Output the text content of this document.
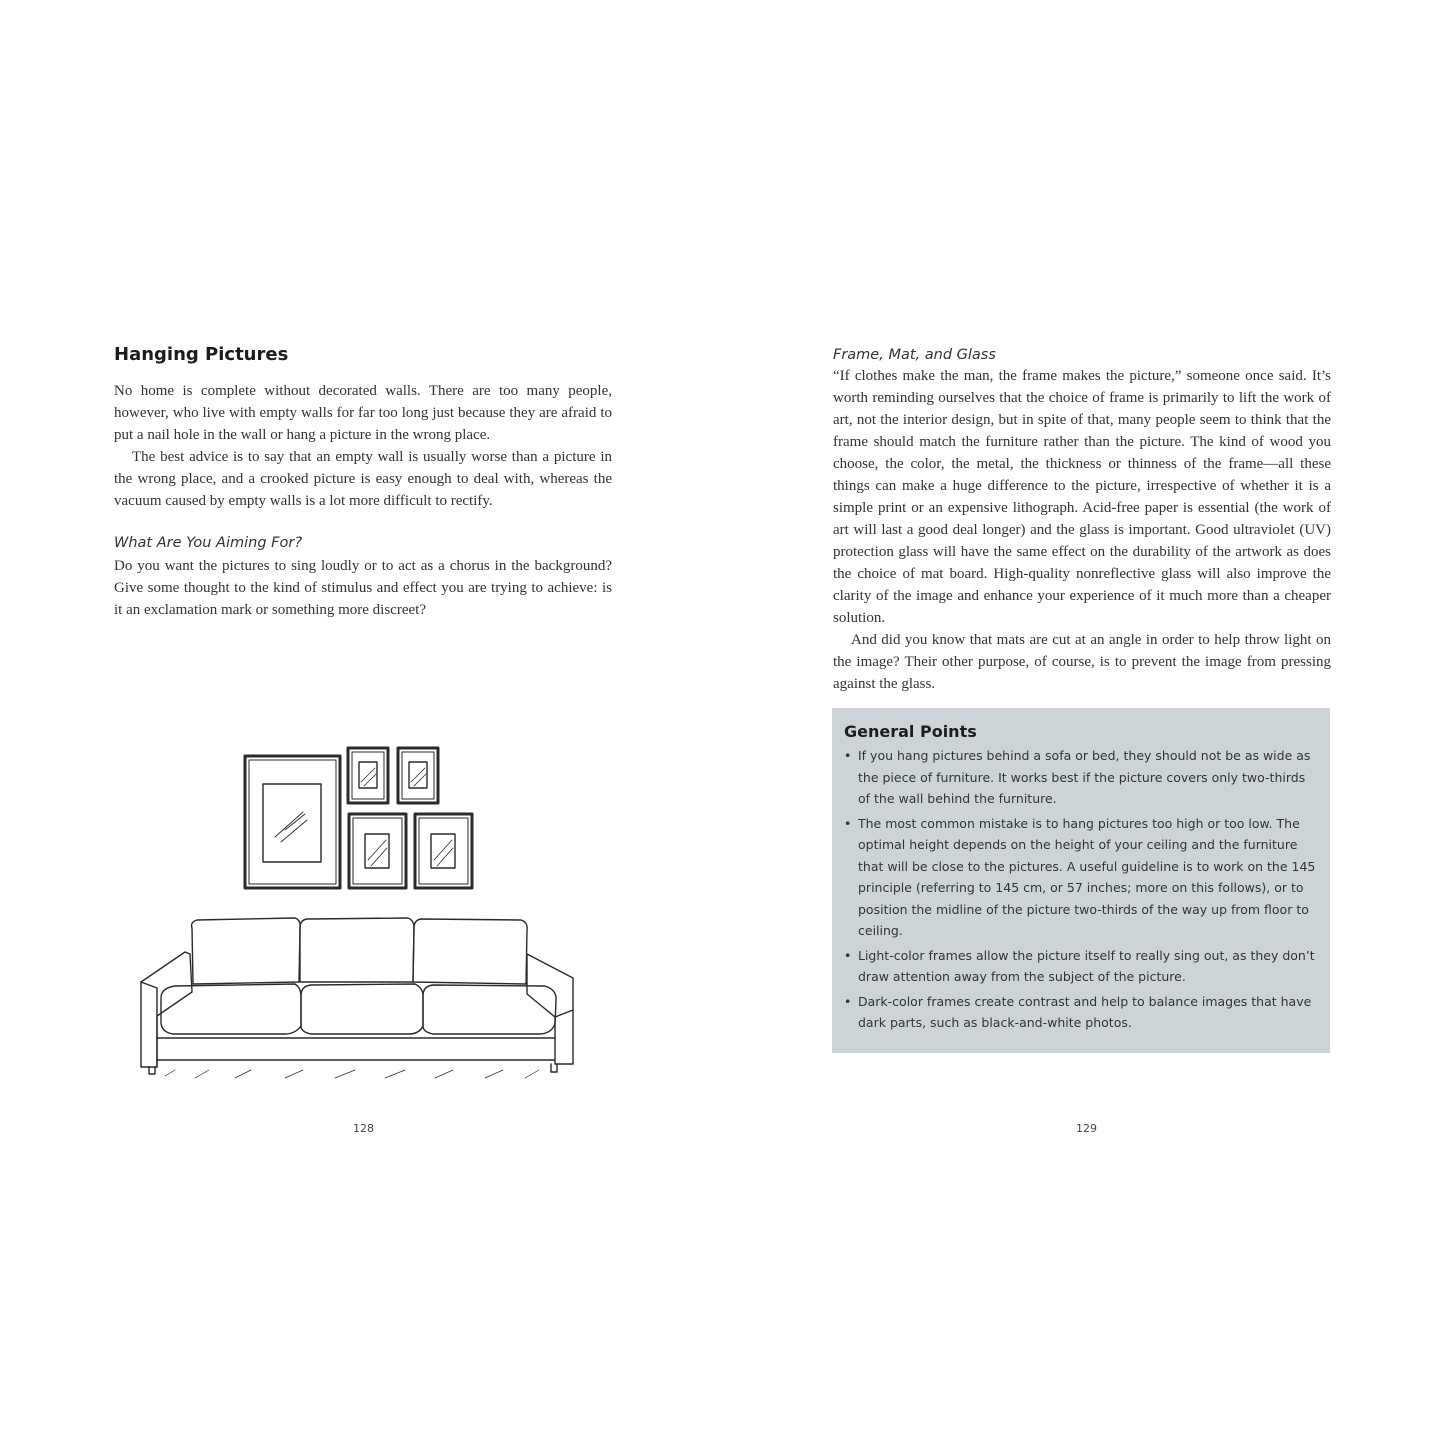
Hanging Pictures

No home is complete without decorated walls. There are too many people, however, who live with empty walls for far too long just because they are afraid to put a nail hole in the wall or hang a picture in the wrong place.

The best advice is to say that an empty wall is usually worse than a picture in the wrong place, and a crooked picture is easy enough to deal with, whereas the vacuum caused by empty walls is a lot more difficult to rectify.

What Are You Aiming For?

Do you want the pictures to sing loudly or to act as a chorus in the background? Give some thought to the kind of stimulus and effect you are trying to achieve: is it an exclamation mark or something more discreet?

128

Frame, Mat, and Glass

“If clothes make the man, the frame makes the picture,” someone once said. It’s worth reminding ourselves that the choice of frame is primarily to lift the work of art, not the interior design, but in spite of that, many people seem to think that the frame should match the furniture rather than the picture. The kind of wood you choose, the color, the metal, the thickness or thinness of the frame—all these things can make a huge difference to the picture, irrespective of whether it is a simple print or an expensive lithograph. Acid-free paper is essential (the work of art will last a good deal longer) and the glass is important. Good ultraviolet (UV) protection glass will have the same effect on the durability of the artwork as does the choice of mat board. High-quality nonreflective glass will also improve the clarity of the image and enhance your experience of it much more than a cheaper solution.

And did you know that mats are cut at an angle in order to help throw light on the image? Their other purpose, of course, is to prevent the image from pressing against the glass.

General Points
• If you hang pictures behind a sofa or bed, they should not be as wide as the piece of furniture. It works best if the picture covers only two-thirds of the wall behind the furniture.
• The most common mistake is to hang pictures too high or too low. The optimal height depends on the height of your ceiling and the furniture that will be close to the pictures. A useful guideline is to work on the 145 principle (referring to 145 cm, or 57 inches; more on this follows), or to position the midline of the picture two-thirds of the way up from floor to ceiling.
• Light-color frames allow the picture itself to really sing out, as they don’t draw attention away from the subject of the picture.
• Dark-color frames create contrast and help to balance images that have dark parts, such as black-and-white photos.
129
